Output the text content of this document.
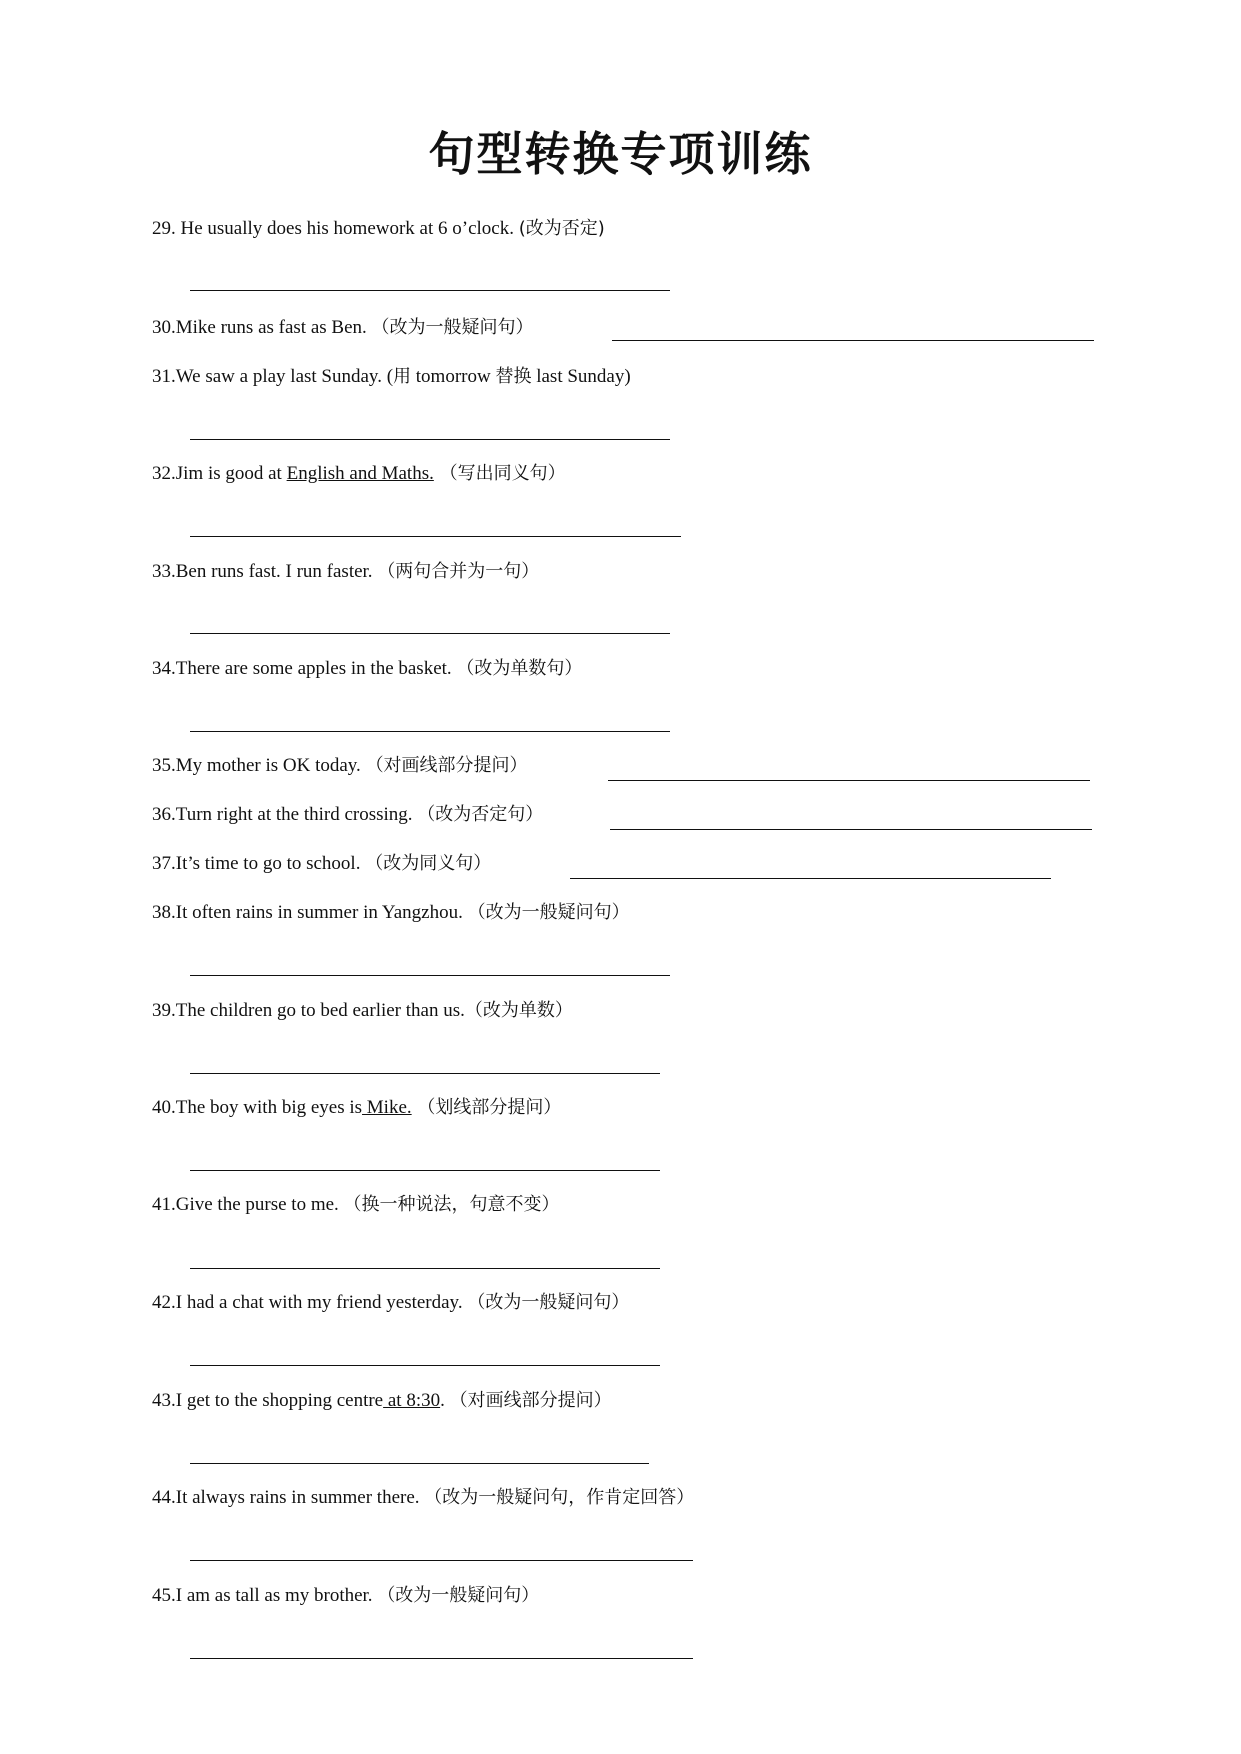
句型转换专项训练
29. He usually does his homework at 6 o’clock. (改为否定)
30.Mike runs as fast as Ben. （改为一般疑问句）
31.We saw a play last Sunday. (用 tomorrow 替换 last Sunday)
32.Jim is good at English and Maths. （写出同义句）
33.Ben runs fast. I run faster. （两句合并为一句）
34.There are some apples in the basket. （改为单数句）
35.My mother is OK today. （对画线部分提问）
36.Turn right at the third crossing. （改为否定句）
37.It’s time to go to school. （改为同义句）
38.It often rains in summer in Yangzhou. （改为一般疑问句）
39.The children go to bed earlier than us.（改为单数）
40.The boy with big eyes is Mike. （划线部分提问）
41.Give the purse to me. （换一种说法，句意不变）
42.I had a chat with my friend yesterday. （改为一般疑问句）
43.I get to the shopping centre at 8:30. （对画线部分提问）
44.It always rains in summer there. （改为一般疑问句，作肯定回答）
45.I am as tall as my brother. （改为一般疑问句）
